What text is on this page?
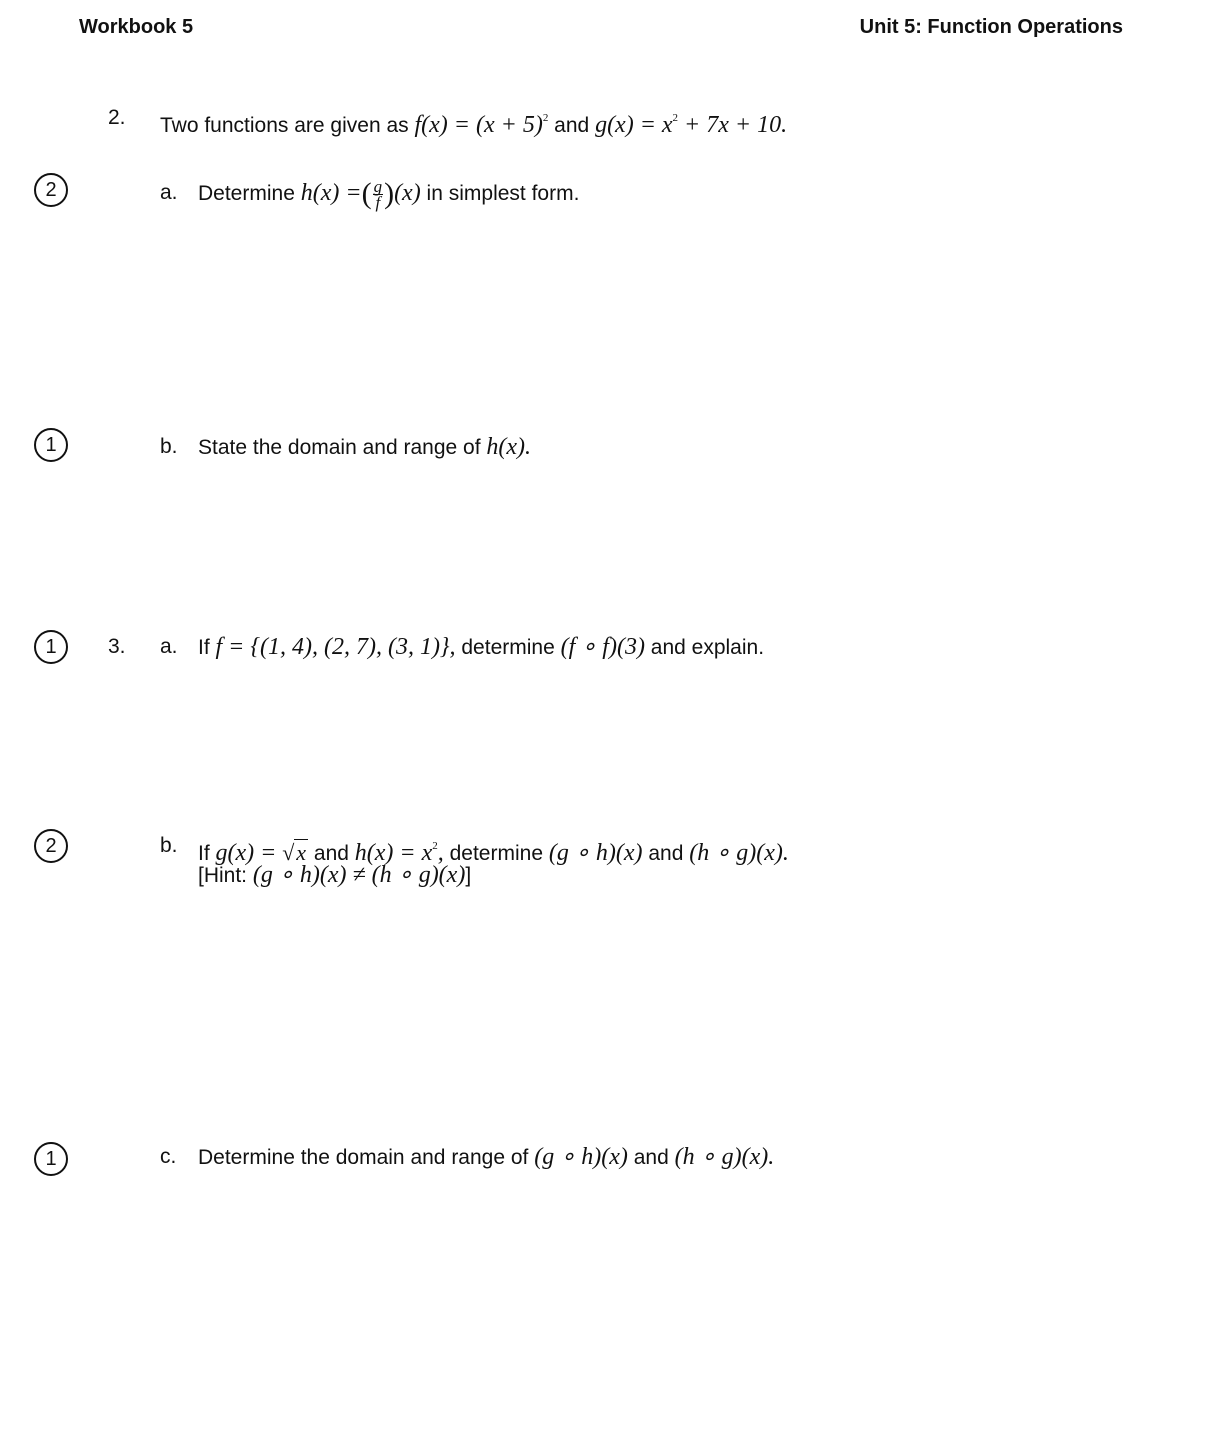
Workbook 5	Unit 5: Function Operations
2. Two functions are given as $f(x) = (x + 5)^2$ and $g(x) = x^2 + 7x + 10$.
2	a. Determine h(x) =( $\frac{g}{f} )(x)$ in simplest form.
1	b. State the domain and range of h(x).
1	3. a. If f = {(1, 4), (2, 7), (3, 1)}, determine (f ∘ f)(3) and explain.
2	b. If g(x) = √x and $h(x) = x^2$, determine (g ∘ h)(x) and (h ∘ g)(x).
[Hint: (g ∘ h)(x) ≠ (h ∘ g)(x)]
1	c. Determine the domain and range of (g ∘ h)(x) and (h ∘ g)(x).
